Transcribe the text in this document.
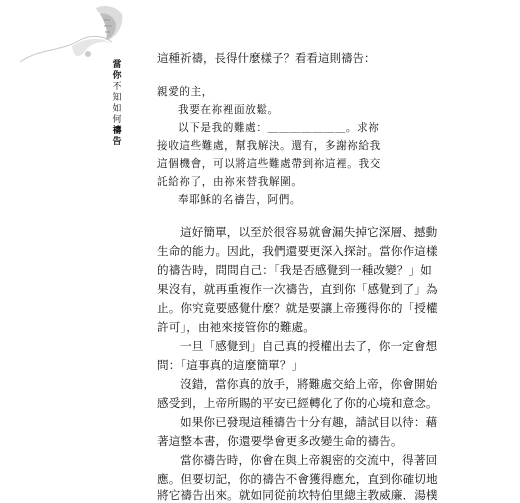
當你
不知如何
禱告
這種祈禱，長得什麼樣子？看看這則禱告：
親愛的主，
我要在祢裡面放鬆。
以下是我的難處：＿＿＿＿＿＿＿。求祢
接收這些難處，幫我解決。還有，多謝祢給我
這個機會，可以將這些難處帶到祢這裡。我交
託給祢了，由祢來替我解圍。
奉耶穌的名禱告，阿們。
這好簡單，以至於很容易就會漏失掉它深層、撼動
生命的能力。因此，我們還要更深入探討。當你作這樣
的禱告時，問問自己：「我是否感覺到一種改變？」如
果沒有，就再重複作一次禱告，直到你「感覺到了」為
止。你究竟要感覺什麼？就是要讓上帝獲得你的「授權
許可」，由祂來接管你的難處。
一旦「感覺到」自己真的授權出去了，你一定會想
問：「這事真的這麼簡單？」
沒錯，當你真的放手，將難處交給上帝，你會開始
感受到，上帝所賜的平安已經轉化了你的心境和意念。
如果你已發現這種禱告十分有趣，請試目以待：藉
著這整本書，你還要學會更多改變生命的禱告。
當你禱告時，你會在與上帝親密的交流中，得著回
應。但要切記，你的禱告不會獲得應允，直到你確切地
將它禱告出來。就如同從前坎特伯里總主教威廉．湯樸
